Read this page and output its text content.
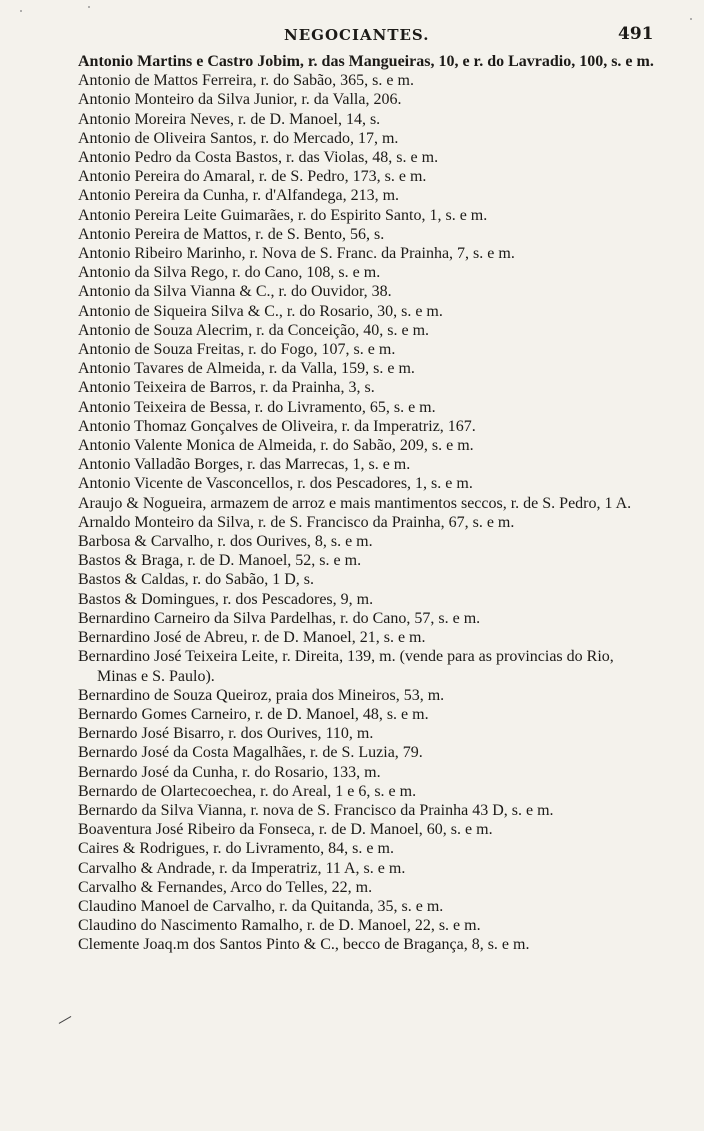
NEGOCIANTES.	491

Antonio Martins e Castro Jobim, r. das Mangueiras, 10, e r. do Lavradio, 100, s. e m.

Antonio de Mattos Ferreira, r. do Sabão, 365, s. e m.

Antonio Monteiro da Silva Junior, r. da Valla, 206.

Antonio Moreira Neves, r. de D. Manoel, 14, s.

Antonio de Oliveira Santos, r. do Mercado, 17, m.

Antonio Pedro da Costa Bastos, r. das Violas, 48, s. e m.

Antonio Pereira do Amaral, r. de S. Pedro, 173, s. e m.

Antonio Pereira da Cunha, r. d'Alfandega, 213, m.

Antonio Pereira Leite Guimarães, r. do Espirito Santo, 1, s. e m.

Antonio Pereira de Mattos, r. de S. Bento, 56, s.

Antonio Ribeiro Marinho, r. Nova de S. Franc. da Prainha, 7, s. e m.

Antonio da Silva Rego, r. do Cano, 108, s. e m.

Antonio da Silva Vianna & C., r. do Ouvidor, 38.

Antonio de Siqueira Silva & C., r. do Rosario, 30, s. e m.

Antonio de Souza Alecrim, r. da Conceição, 40, s. e m.

Antonio de Souza Freitas, r. do Fogo, 107, s. e m.

Antonio Tavares de Almeida, r. da Valla, 159, s. e m.

Antonio Teixeira de Barros, r. da Prainha, 3, s.

Antonio Teixeira de Bessa, r. do Livramento, 65, s. e m.

Antonio Thomaz Gonçalves de Oliveira, r. da Imperatriz, 167.

Antonio Valente Monica de Almeida, r. do Sabão, 209, s. e m.

Antonio Valladão Borges, r. das Marrecas, 1, s. e m.

Antonio Vicente de Vasconcellos, r. dos Pescadores, 1, s. e m.

Araujo & Nogueira, armazem de arroz e mais mantimentos seccos, r. de S. Pedro, 1 A.

Arnaldo Monteiro da Silva, r. de S. Francisco da Prainha, 67, s. e m.

Barbosa & Carvalho, r. dos Ourives, 8, s. e m.

Bastos & Braga, r. de D. Manoel, 52, s. e m.

Bastos & Caldas, r. do Sabão, 1 D, s.

Bastos & Domingues, r. dos Pescadores, 9, m.

Bernardino Carneiro da Silva Pardelhas, r. do Cano, 57, s. e m.

Bernardino José de Abreu, r. de D. Manoel, 21, s. e m.

Bernardino José Teixeira Leite, r. Direita, 139, m. (vende para as provincias do Rio, Minas e S. Paulo).

Bernardino de Souza Queiroz, praia dos Mineiros, 53, m.

Bernardo Gomes Carneiro, r. de D. Manoel, 48, s. e m.

Bernardo José Bisarro, r. dos Ourives, 110, m.

Bernardo José da Costa Magalhães, r. de S. Luzia, 79.

Bernardo José da Cunha, r. do Rosario, 133, m.

Bernardo de Olartecoechea, r. do Areal, 1 e 6, s. e m.

Bernardo da Silva Vianna, r. nova de S. Francisco da Prainha 43 D, s. e m.

Boaventura José Ribeiro da Fonseca, r. de D. Manoel, 60, s. e m.

Caires & Rodrigues, r. do Livramento, 84, s. e m.

Carvalho & Andrade, r. da Imperatriz, 11 A, s. e m.

Carvalho & Fernandes, Arco do Telles, 22, m.

Claudino Manoel de Carvalho, r. da Quitanda, 35, s. e m.

Claudino do Nascimento Ramalho, r. de D. Manoel, 22, s. e m.

Clemente Joaq.m dos Santos Pinto & C., becco de Bragança, 8, s. e m.
